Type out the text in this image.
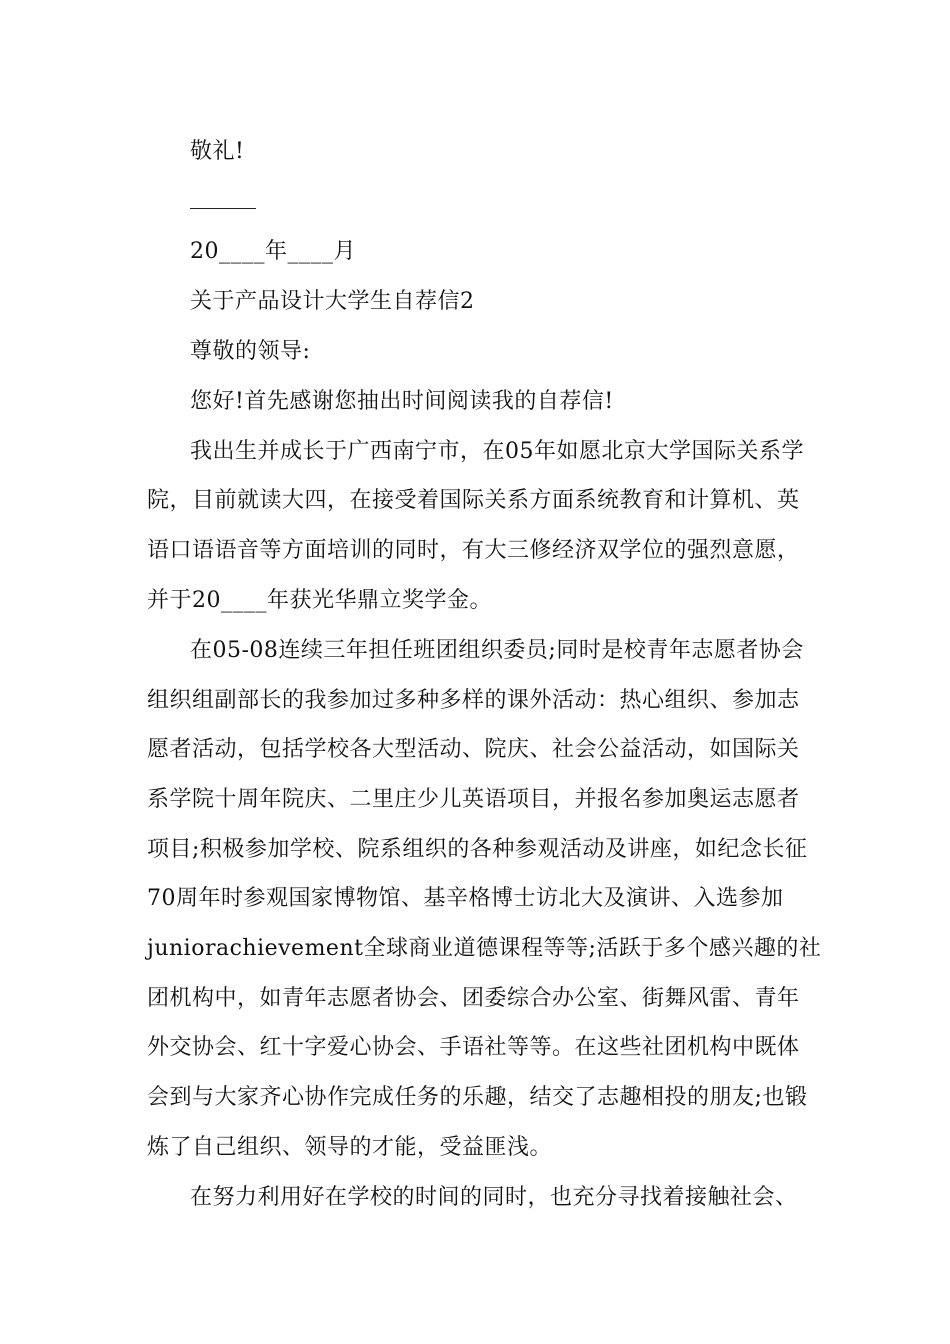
敬礼!
20____年____月
关于产品设计大学生自荐信2
尊敬的领导:
您好!首先感谢您抽出时间阅读我的自荐信!
我出生并成长于广西南宁市，在05年如愿北京大学国际关系学
院，目前就读大四，在接受着国际关系方面系统教育和计算机、英
语口语语音等方面培训的同时，有大三修经济双学位的强烈意愿，
并于20____年获光华鼎立奖学金。
在05-08连续三年担任班团组织委员;同时是校青年志愿者协会
组织组副部长的我参加过多种多样的课外活动：热心组织、参加志
愿者活动，包括学校各大型活动、院庆、社会公益活动，如国际关
系学院十周年院庆、二里庄少儿英语项目，并报名参加奥运志愿者
项目;积极参加学校、院系组织的各种参观活动及讲座，如纪念长征
70周年时参观国家博物馆、基辛格博士访北大及演讲、入选参加
juniorachievement全球商业道德课程等等;活跃于多个感兴趣的社
团机构中，如青年志愿者协会、团委综合办公室、街舞风雷、青年
外交协会、红十字爱心协会、手语社等等。在这些社团机构中既体
会到与大家齐心协作完成任务的乐趣，结交了志趣相投的朋友;也锻
炼了自己组织、领导的才能，受益匪浅。
在努力利用好在学校的时间的同时，也充分寻找着接触社会、
